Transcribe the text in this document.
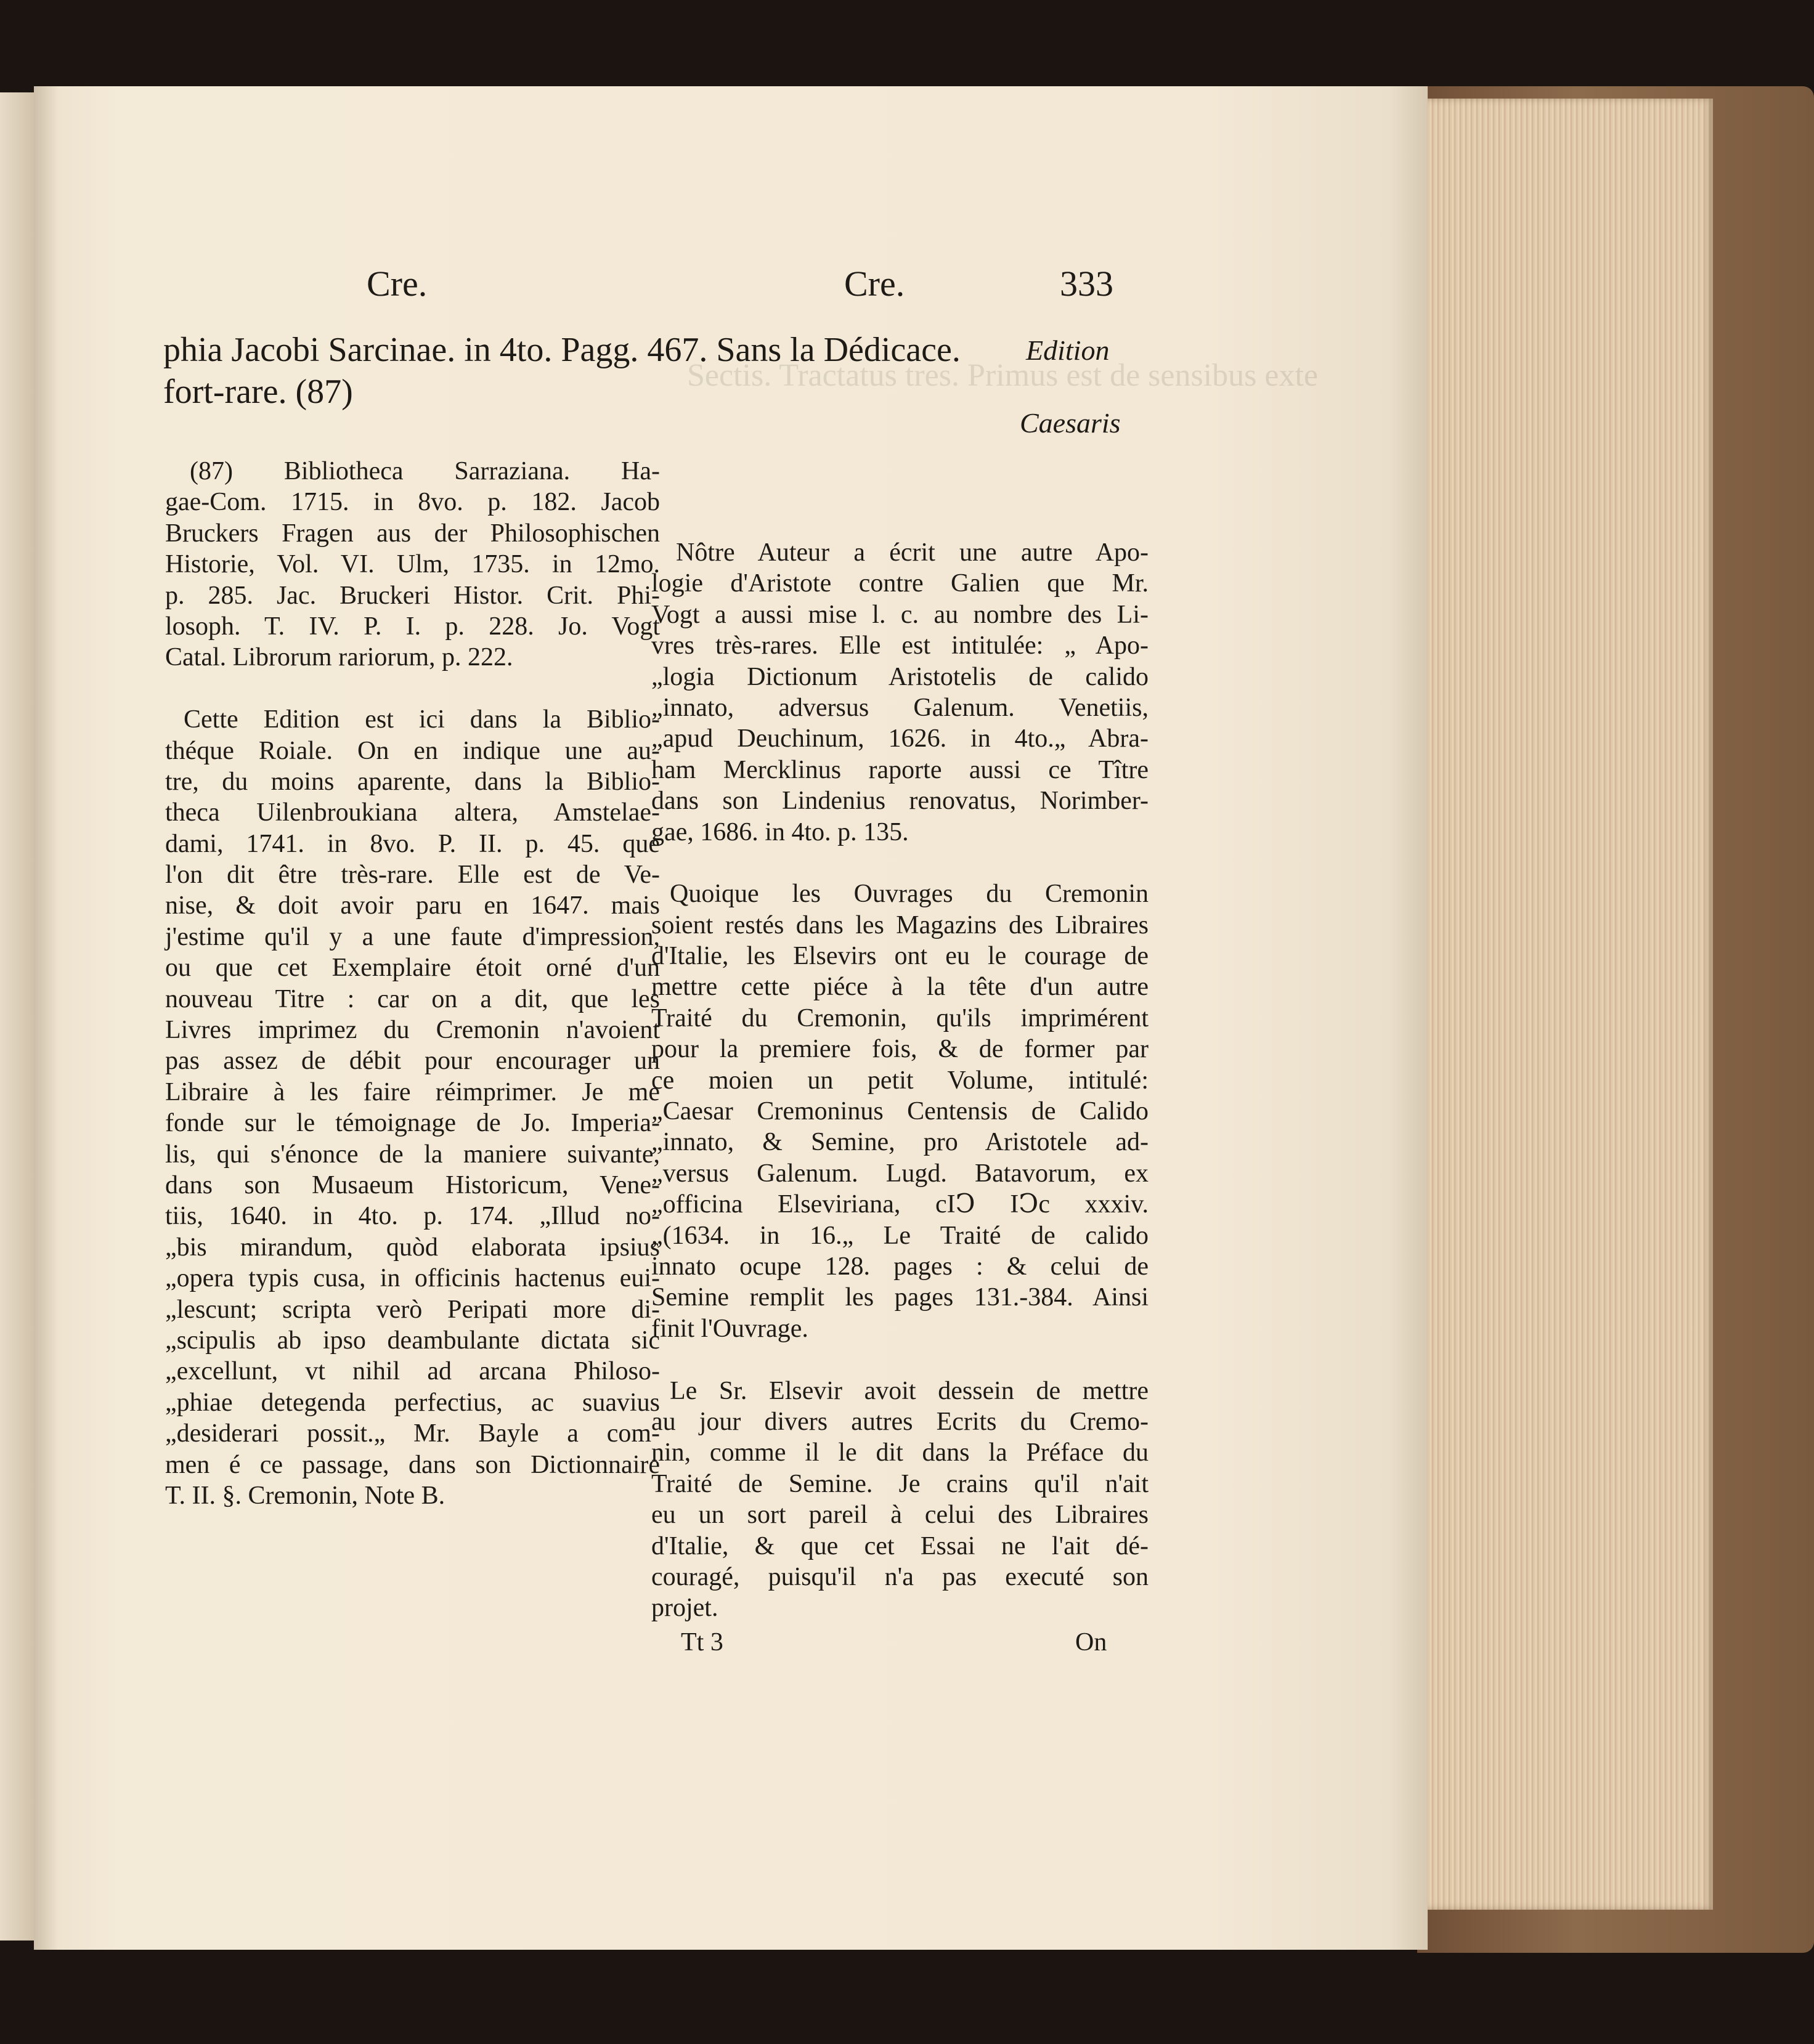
Sectis. Tractatus tres. Primus est de sensibus exte
Cre.	Cre.	333
phia Jacobi Sarcinae. in 4to. Pagg. 467. Sans la Dédicace. Edition
fort-rare. (87)
Caesaris
(87) Bibliotheca Sarraziana. Ha-
gae-Com. 1715. in 8vo. p. 182. Jacob
Bruckers Fragen aus der Philosophischen
Historie, Vol. VI. Ulm, 1735. in 12mo.
p. 285. Jac. Bruckeri Histor. Crit. Phi-
losoph. T. IV. P. I. p. 228. Jo. Vogt
Catal. Librorum rariorum, p. 222.
Cette Edition est ici dans la Biblio-
théque Roiale. On en indique une au-
tre, du moins aparente, dans la Biblio-
theca Uilenbroukiana altera, Amstelae-
dami, 1741. in 8vo. P. II. p. 45. que
l'on dit être très-rare. Elle est de Ve-
nise, & doit avoir paru en 1647. mais
j'estime qu'il y a une faute d'impression,
ou que cet Exemplaire étoit orné d'un
nouveau Titre : car on a dit, que les
Livres imprimez du Cremonin n'avoient
pas assez de débit pour encourager un
Libraire à les faire réimprimer. Je me
fonde sur le témoignage de Jo. Imperia-
lis, qui s'énonce de la maniere suivante,
dans son Musaeum Historicum, Vene-
tiis, 1640. in 4to. p. 174. „Illud no-
„bis mirandum, quòd elaborata ipsius
„opera typis cusa, in officinis hactenus eui-
„lescunt; scripta verò Peripati more di-
„scipulis ab ipso deambulante dictata sic
„excellunt, vt nihil ad arcana Philoso-
„phiae detegenda perfectius, ac suavius
„desiderari possit.„ Mr. Bayle a com-
men é ce passage, dans son Dictionnaire
T. II. §. Cremonin, Note B.
Nôtre Auteur a écrit une autre Apo-
logie d'Aristote contre Galien que Mr.
Vogt a aussi mise l. c. au nombre des Li-
vres très-rares. Elle est intitulée: „ Apo-
„logia Dictionum Aristotelis de calido
„innato, adversus Galenum. Venetiis,
„apud Deuchinum, 1626. in 4to.„ Abra-
ham Mercklinus raporte aussi ce Tître
dans son Lindenius renovatus, Norimber-
gae, 1686. in 4to. p. 135.
Quoique les Ouvrages du Cremonin
soient restés dans les Magazins des Libraires
d'Italie, les Elsevirs ont eu le courage de
mettre cette piéce à la tête d'un autre
Traité du Cremonin, qu'ils imprimérent
pour la premiere fois, & de former par
ce moien un petit Volume, intitulé:
„Caesar Cremoninus Centensis de Calido
„innato, & Semine, pro Aristotele ad-
„versus Galenum. Lugd. Batavorum, ex
„officina Elseviriana, cIↃ IↃc xxxiv.
„(1634. in 16.„ Le Traité de calido
innato ocupe 128. pages : & celui de
Semine remplit les pages 131.-384. Ainsi
finit l'Ouvrage.
Le Sr. Elsevir avoit dessein de mettre
au jour divers autres Ecrits du Cremo-
nin, comme il le dit dans la Préface du
Traité de Semine. Je crains qu'il n'ait
eu un sort pareil à celui des Libraires
d'Italie, & que cet Essai ne l'ait dé-
couragé, puisqu'il n'a pas executé son
projet.
Tt 3	On
